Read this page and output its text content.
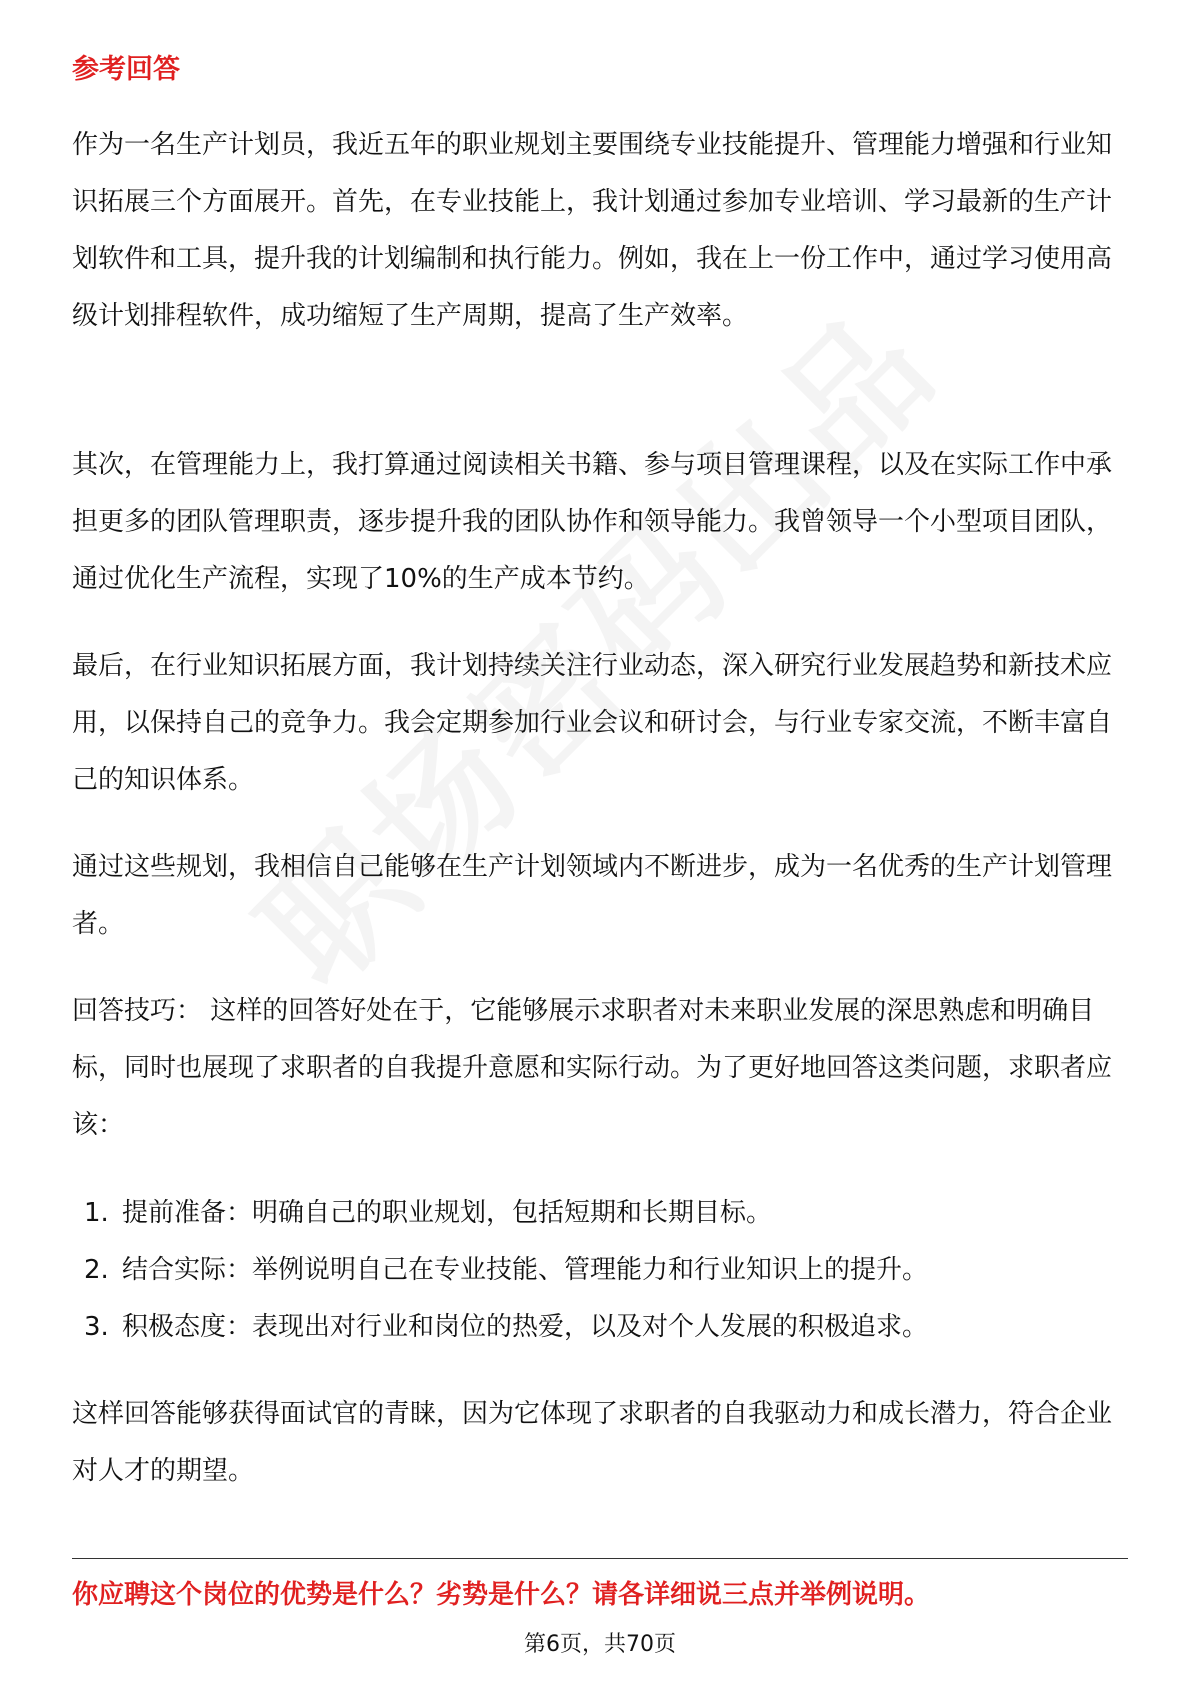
参考回答

作为一名生产计划员，我近五年的职业规划主要围绕专业技能提升、管理能力增强和行业知识拓展三个方面展开。首先，在专业技能上，我计划通过参加专业培训、学习最新的生产计划软件和工具，提升我的计划编制和执行能力。例如，我在上一份工作中，通过学习使用高级计划排程软件，成功缩短了生产周期，提高了生产效率。

其次，在管理能力上，我打算通过阅读相关书籍、参与项目管理课程，以及在实际工作中承担更多的团队管理职责，逐步提升我的团队协作和领导能力。我曾领导一个小型项目团队，通过优化生产流程，实现了10%的生产成本节约。

最后，在行业知识拓展方面，我计划持续关注行业动态，深入研究行业发展趋势和新技术应用，以保持自己的竞争力。我会定期参加行业会议和研讨会，与行业专家交流，不断丰富自己的知识体系。

通过这些规划，我相信自己能够在生产计划领域内不断进步，成为一名优秀的生产计划管理者。

回答技巧： 这样的回答好处在于，它能够展示求职者对未来职业发展的深思熟虑和明确目标，同时也展现了求职者的自我提升意愿和实际行动。为了更好地回答这类问题，求职者应该：

1. 提前准备：明确自己的职业规划，包括短期和长期目标。
2. 结合实际：举例说明自己在专业技能、管理能力和行业知识上的提升。
3. 积极态度：表现出对行业和岗位的热爱，以及对个人发展的积极追求。

这样回答能够获得面试官的青睐，因为它体现了求职者的自我驱动力和成长潜力，符合企业对人才的期望。

你应聘这个岗位的优势是什么？劣势是什么？请各详细说三点并举例说明。
第6页，共70页
